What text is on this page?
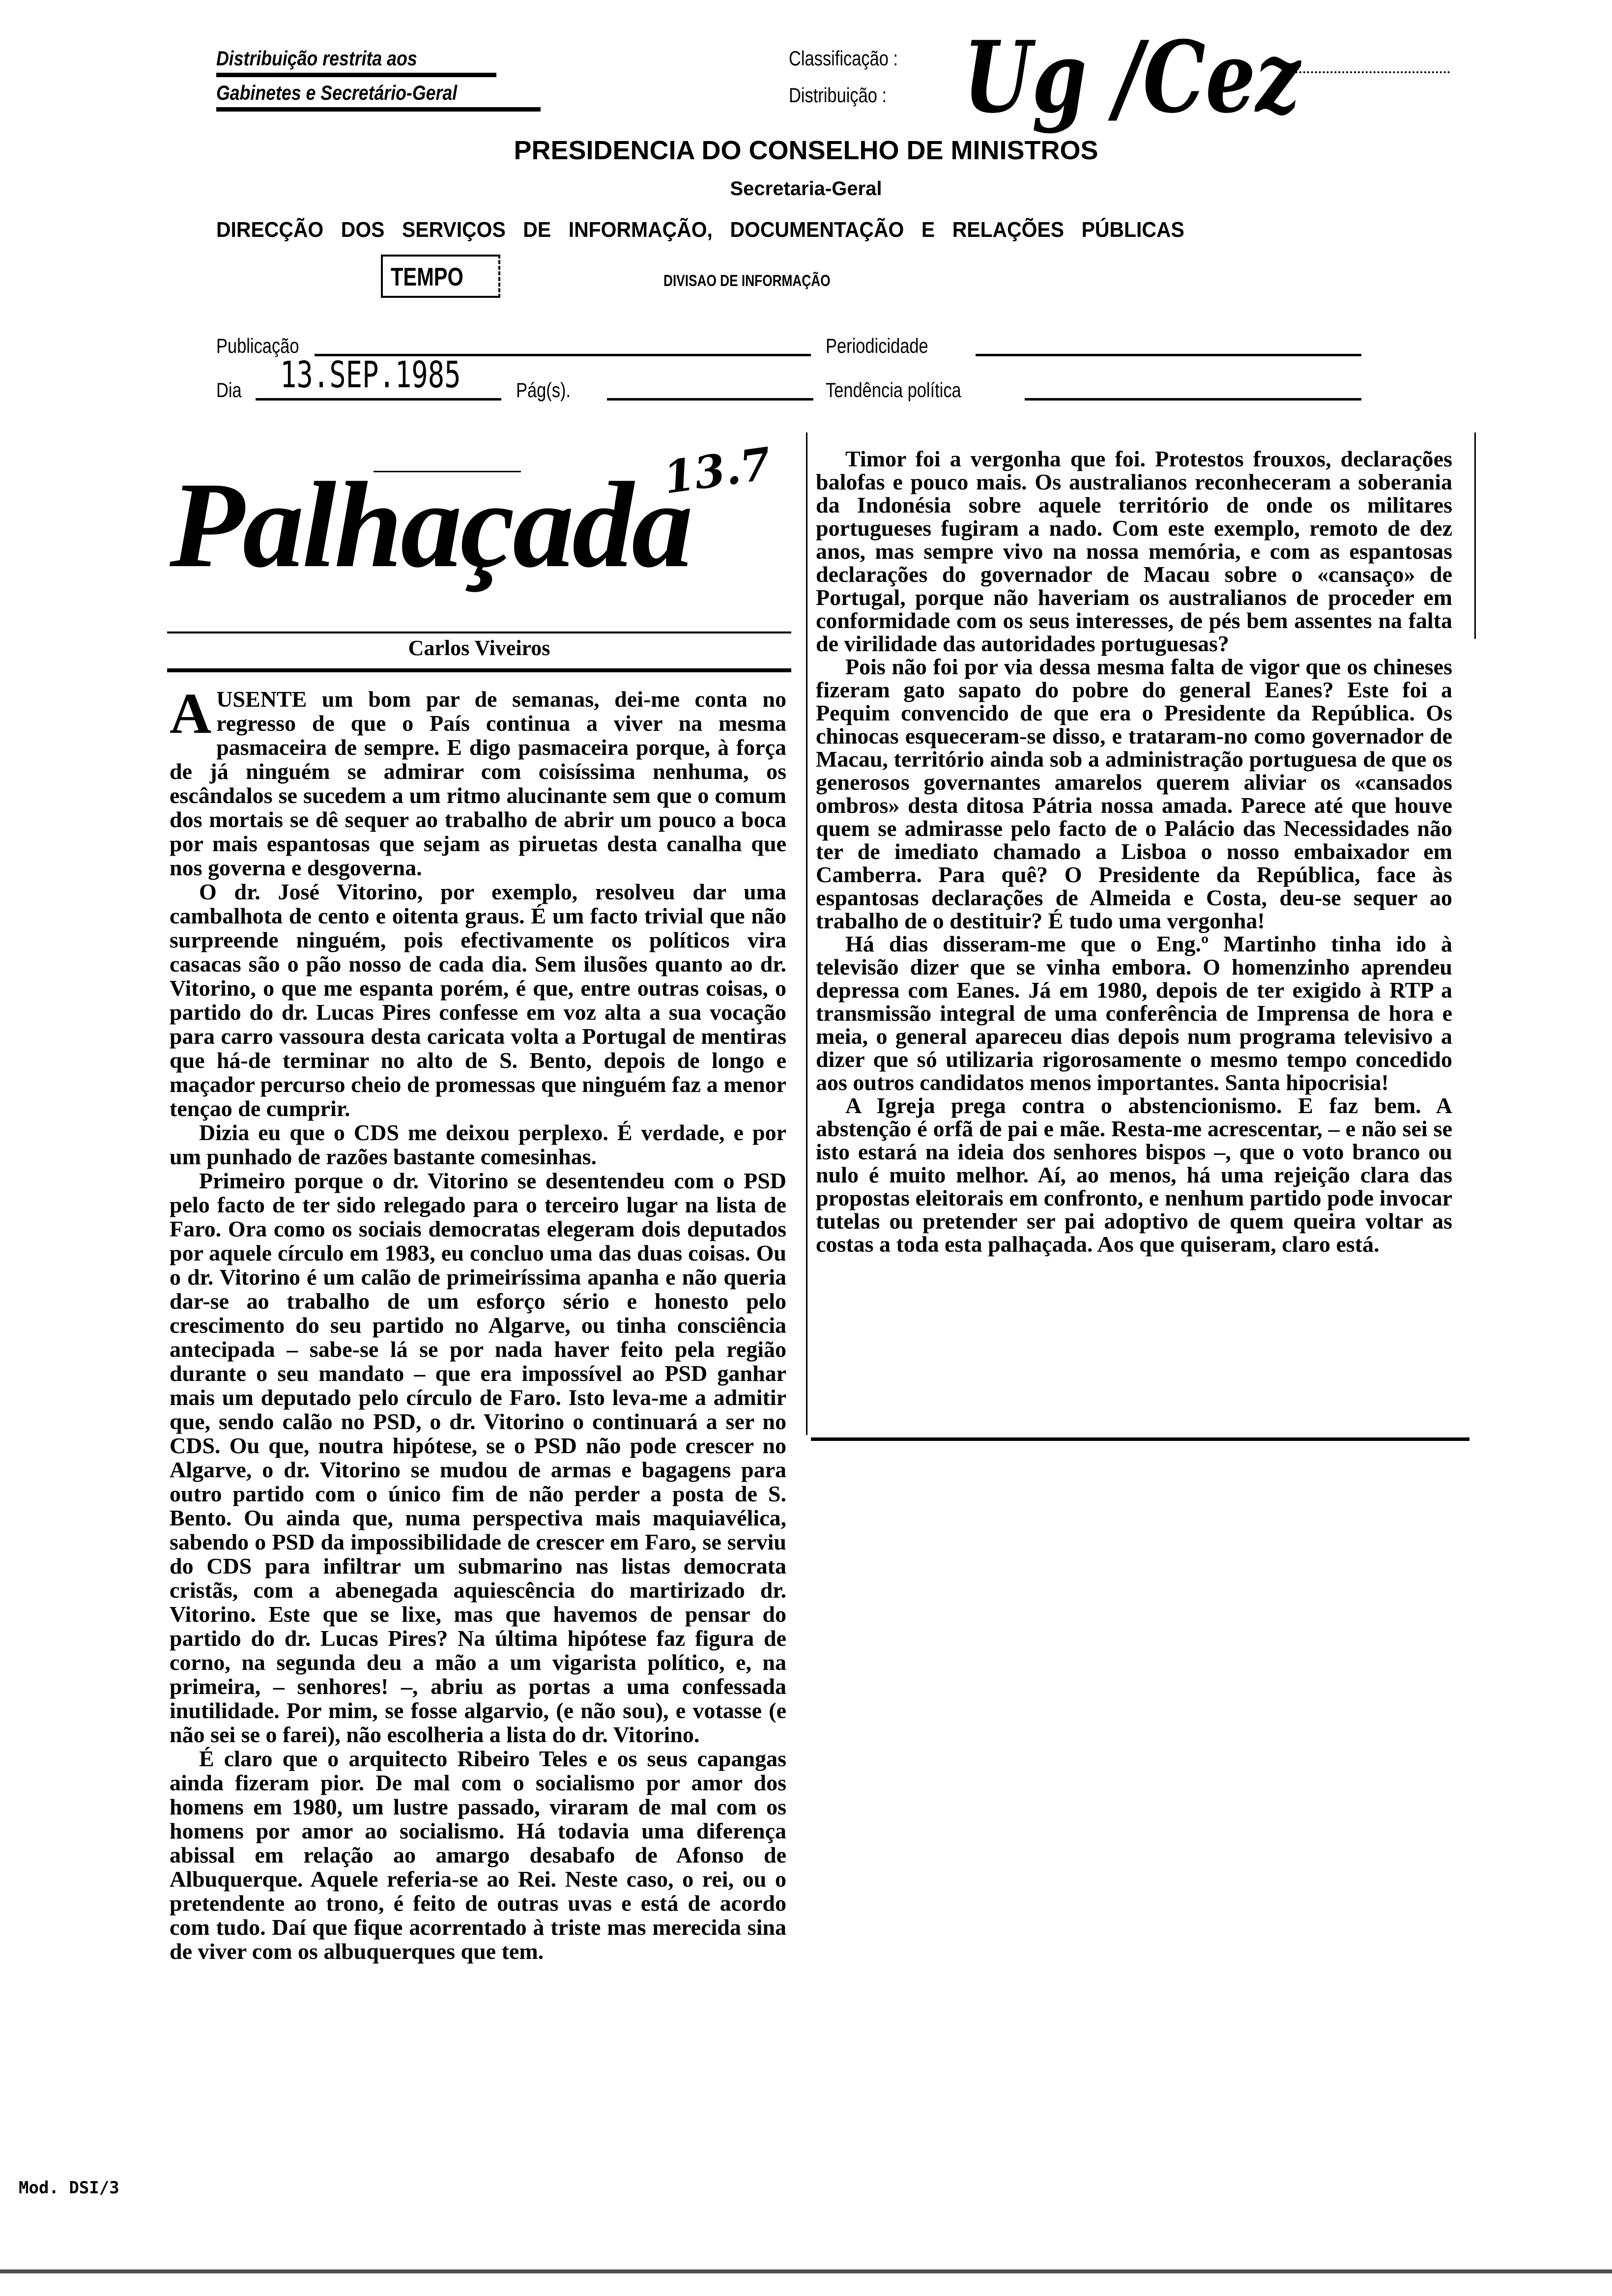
Distribuição restrita aos
Gabinetes e Secretário-Geral
Classificação :
Distribuição : Ug /Cez
PRESIDENCIA DO CONSELHO DE MINISTROS
Secretaria-Geral
DIRECÇÃO DOS SERVIÇOS DE INFORMAÇÃO, DOCUMENTAÇÃO E RELAÇÕES PÚBLICAS
TEMPO	DIVISAO DE INFORMAÇÃO
Publicação	Periodicidade
Dia 13.SEP.1985	Pág(s).	Tendência política
Palhaçada
13.7
Carlos Viveiros

AUSENTE um bom par de semanas, dei-me conta no regresso de que o País continua a viver na mesma pasmaceira de sempre. E digo pasmaceira porque, à força de já ninguém se admirar com coisíssima nenhuma, os escândalos se sucedem a um ritmo alucinante sem que o comum dos mortais se dê sequer ao trabalho de abrir um pouco a boca por mais espantosas que sejam as piruetas desta canalha que nos governa e desgoverna.

O dr. José Vitorino, por exemplo, resolveu dar uma cambalhota de cento e oitenta graus. É um facto trivial que não surpreende ninguém, pois efectivamente os políticos vira casacas são o pão nosso de cada dia. Sem ilusões quanto ao dr. Vitorino, o que me espanta porém, é que, entre outras coisas, o partido do dr. Lucas Pires confesse em voz alta a sua vocação para carro vassoura desta caricata volta a Portugal de mentiras que há-de terminar no alto de S. Bento, depois de longo e maçador percurso cheio de promessas que ninguém faz a menor tençao de cumprir.

Dizia eu que o CDS me deixou perplexo. É verdade, e por um punhado de razões bastante comesinhas.

Primeiro porque o dr. Vitorino se desentendeu com o PSD pelo facto de ter sido relegado para o terceiro lugar na lista de Faro. Ora como os sociais democratas elegeram dois deputados por aquele círculo em 1983, eu concluo uma das duas coisas. Ou o dr. Vitorino é um calão de primeiríssima apanha e não queria dar-se ao trabalho de um esforço sério e honesto pelo crescimento do seu partido no Algarve, ou tinha consciência antecipada – sabe-se lá se por nada haver feito pela região durante o seu mandato – que era impossível ao PSD ganhar mais um deputado pelo círculo de Faro. Isto leva-me a admitir que, sendo calão no PSD, o dr. Vitorino o continuará a ser no CDS. Ou que, noutra hipótese, se o PSD não pode crescer no Algarve, o dr. Vitorino se mudou de armas e bagagens para outro partido com o único fim de não perder a posta de S. Bento. Ou ainda que, numa perspectiva mais maquiavélica, sabendo o PSD da impossibilidade de crescer em Faro, se serviu do CDS para infiltrar um submarino nas listas democrata cristãs, com a abenegada aquiescência do martirizado dr. Vitorino. Este que se lixe, mas que havemos de pensar do partido do dr. Lucas Pires? Na última hipótese faz figura de corno, na segunda deu a mão a um vigarista político, e, na primeira, – senhores! –, abriu as portas a uma confessada inutilidade. Por mim, se fosse algarvio, (e não sou), e votasse (e não sei se o farei), não escolheria a lista do dr. Vitorino.

É claro que o arquitecto Ribeiro Teles e os seus capangas ainda fizeram pior. De mal com o socialismo por amor dos homens em 1980, um lustre passado, viraram de mal com os homens por amor ao socialismo. Há todavia uma diferença abissal em relação ao amargo desabafo de Afonso de Albuquerque. Aquele referia-se ao Rei. Neste caso, o rei, ou o pretendente ao trono, é feito de outras uvas e está de acordo com tudo. Daí que fique acorrentado à triste mas merecida sina de viver com os albuquerques que tem.

Timor foi a vergonha que foi. Protestos frouxos, declarações balofas e pouco mais. Os australianos reconheceram a soberania da Indonésia sobre aquele território de onde os militares portugueses fugiram a nado. Com este exemplo, remoto de dez anos, mas sempre vivo na nossa memória, e com as espantosas declarações do governador de Macau sobre o «cansaço» de Portugal, porque não haveriam os australianos de proceder em conformidade com os seus interesses, de pés bem assentes na falta de virilidade das autoridades portuguesas?

Pois não foi por via dessa mesma falta de vigor que os chineses fizeram gato sapato do pobre do general Eanes? Este foi a Pequim convencido de que era o Presidente da República. Os chinocas esqueceram-se disso, e trataram-no como governador de Macau, território ainda sob a administração portuguesa de que os generosos governantes amarelos querem aliviar os «cansados ombros» desta ditosa Pátria nossa amada. Parece até que houve quem se admirasse pelo facto de o Palácio das Necessidades não ter de imediato chamado a Lisboa o nosso embaixador em Camberra. Para quê? O Presidente da República, face às espantosas declarações de Almeida e Costa, deu-se sequer ao trabalho de o destituir? É tudo uma vergonha!

Há dias disseram-me que o Eng.º Martinho tinha ido à televisão dizer que se vinha embora. O homenzinho aprendeu depressa com Eanes. Já em 1980, depois de ter exigido à RTP a transmissão integral de uma conferência de Imprensa de hora e meia, o general apareceu dias depois num programa televisivo a dizer que só utilizaria rigorosamente o mesmo tempo concedido aos outros candidatos menos importantes. Santa hipocrisia!

A Igreja prega contra o abstencionismo. E faz bem. A abstenção é orfã de pai e mãe. Resta-me acrescentar, – e não sei se isto estará na ideia dos senhores bispos –, que o voto branco ou nulo é muito melhor. Aí, ao menos, há uma rejeição clara das propostas eleitorais em confronto, e nenhum partido pode invocar tutelas ou pretender ser pai adoptivo de quem queira voltar as costas a toda esta palhaçada. Aos que quiseram, claro está.

Mod. DSI/3
